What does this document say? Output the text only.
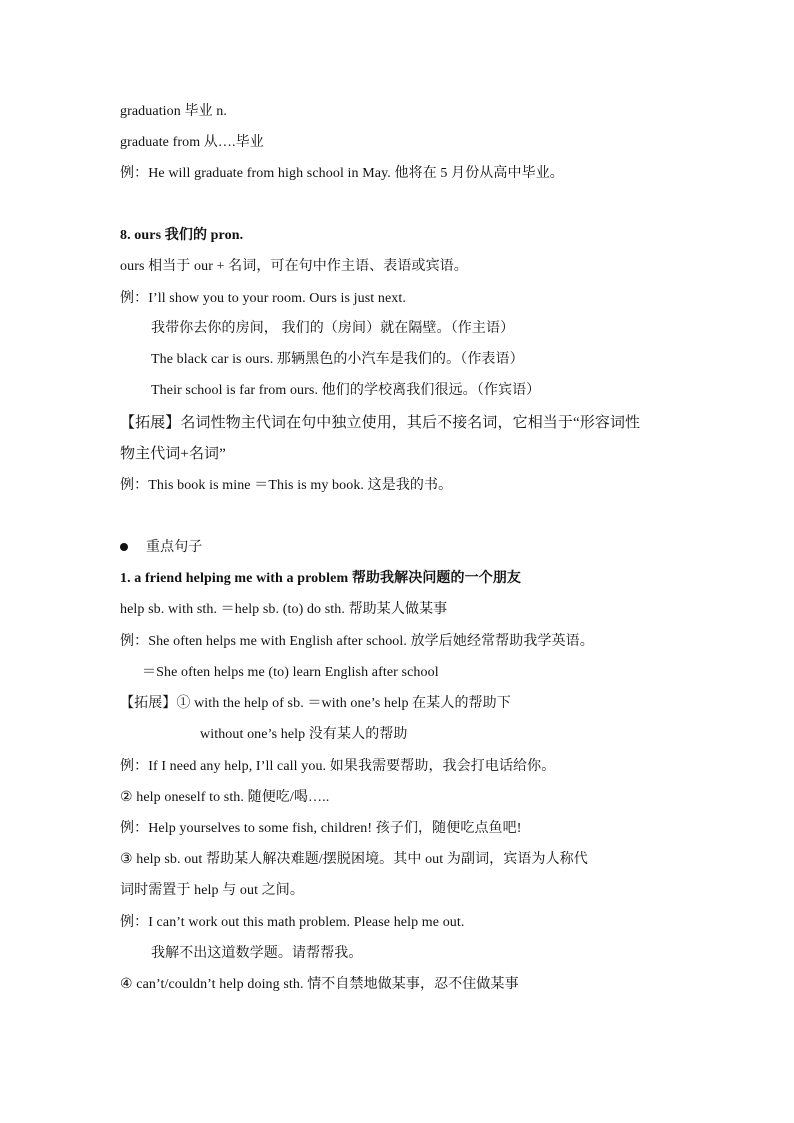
graduation 毕业 n.
graduate from 从….毕业
例：He will graduate from high school in May. 他将在 5 月份从高中毕业。
8. ours 我们的 pron.
ours 相当于 our + 名词，可在句中作主语、表语或宾语。
例：I’ll show you to your room. Ours is just next.
我带你去你的房间， 我们的（房间）就在隔壁。（作主语）
The black car is ours. 那辆黑色的小汽车是我们的。（作表语）
Their school is far from ours. 他们的学校离我们很远。（作宾语）
【拓展】名词性物主代词在句中独立使用，其后不接名词，它相当于“形容词性
物主代词+名词”
例：This book is mine ＝This is my book. 这是我的书。
重点句子
1. a friend helping me with a problem 帮助我解决问题的一个朋友
help sb. with sth. ＝help sb. (to) do sth. 帮助某人做某事
例：She often helps me with English after school. 放学后她经常帮助我学英语。
＝She often helps me (to) learn English after school
【拓展】① with the help of sb. ＝with one’s help 在某人的帮助下
without one’s help 没有某人的帮助
例：If I need any help, I’ll call you. 如果我需要帮助，我会打电话给你。
② help oneself to sth. 随便吃/喝…..
例：Help yourselves to some fish, children! 孩子们，随便吃点鱼吧!
③ help sb. out 帮助某人解决难题/摆脱困境。其中 out 为副词，宾语为人称代
词时需置于 help 与 out 之间。
例：I can’t work out this math problem. Please help me out.
我解不出这道数学题。请帮帮我。
④ can’t/couldn’t help doing sth. 情不自禁地做某事，忍不住做某事
